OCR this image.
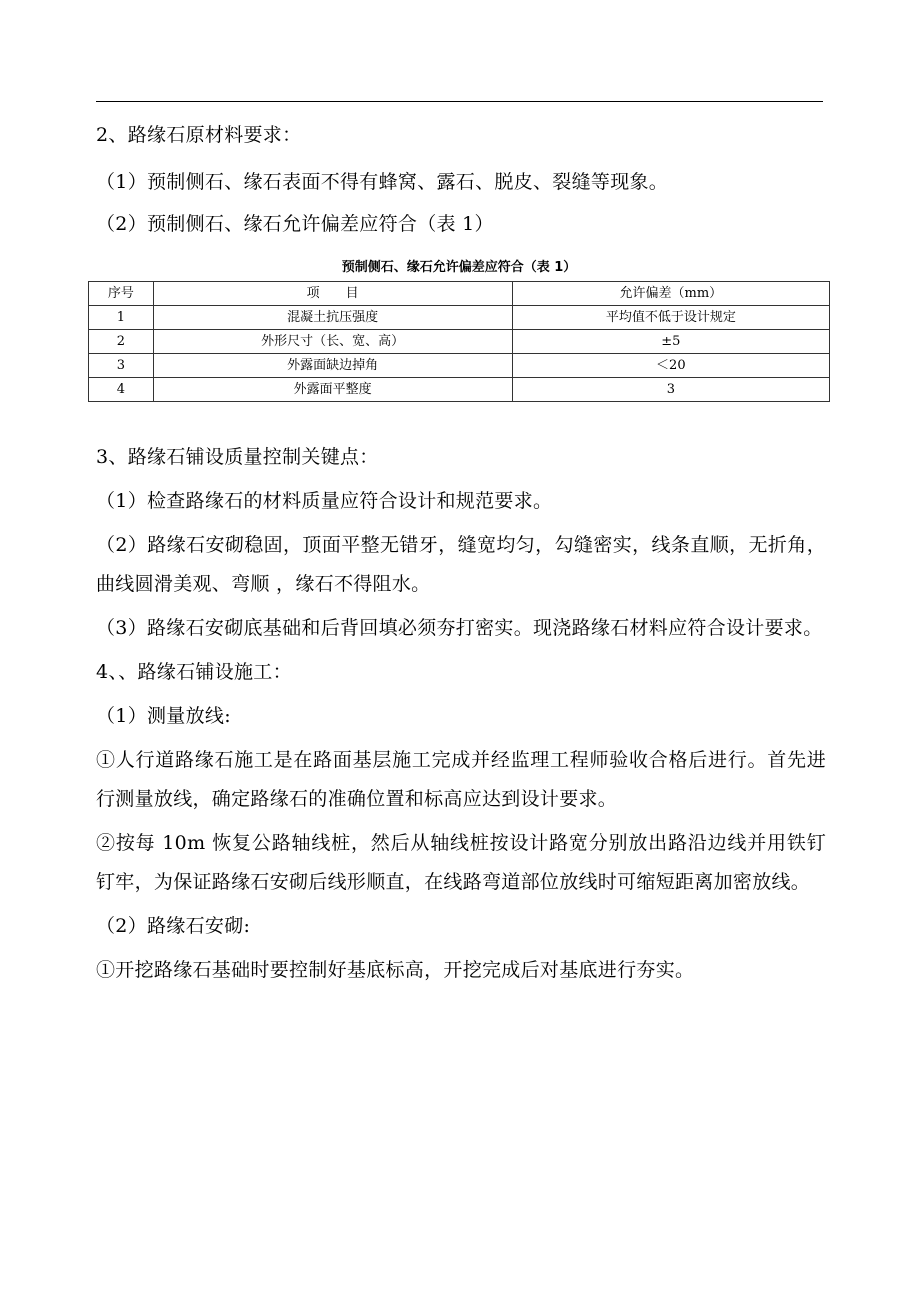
2、路缘石原材料要求：
（1）预制侧石、缘石表面不得有蜂窝、露石、脱皮、裂缝等现象。
（2）预制侧石、缘石允许偏差应符合（表 1）
预制侧石、缘石允许偏差应符合（表 1）
序号	项　　目	允许偏差（mm）
1	混凝土抗压强度	平均值不低于设计规定
2	外形尺寸（长、宽、高）	±5
3	外露面缺边掉角	＜20
4	外露面平整度	3
3、路缘石铺设质量控制关键点：
（1）检查路缘石的材料质量应符合设计和规范要求。
（2）路缘石安砌稳固，顶面平整无错牙，缝宽均匀，勾缝密实，线条直顺，无折角，曲线圆滑美观、弯顺 ，缘石不得阻水。
（3）路缘石安砌底基础和后背回填必须夯打密实。现浇路缘石材料应符合设计要求。
4、、路缘石铺设施工：
（1）测量放线:
①人行道路缘石施工是在路面基层施工完成并经监理工程师验收合格后进行。首先进行测量放线，确定路缘石的准确位置和标高应达到设计要求。
②按每 10m 恢复公路轴线桩，然后从轴线桩按设计路宽分别放出路沿边线并用铁钉钉牢，为保证路缘石安砌后线形顺直，在线路弯道部位放线时可缩短距离加密放线。
（2）路缘石安砌:
①开挖路缘石基础时要控制好基底标高，开挖完成后对基底进行夯实。
